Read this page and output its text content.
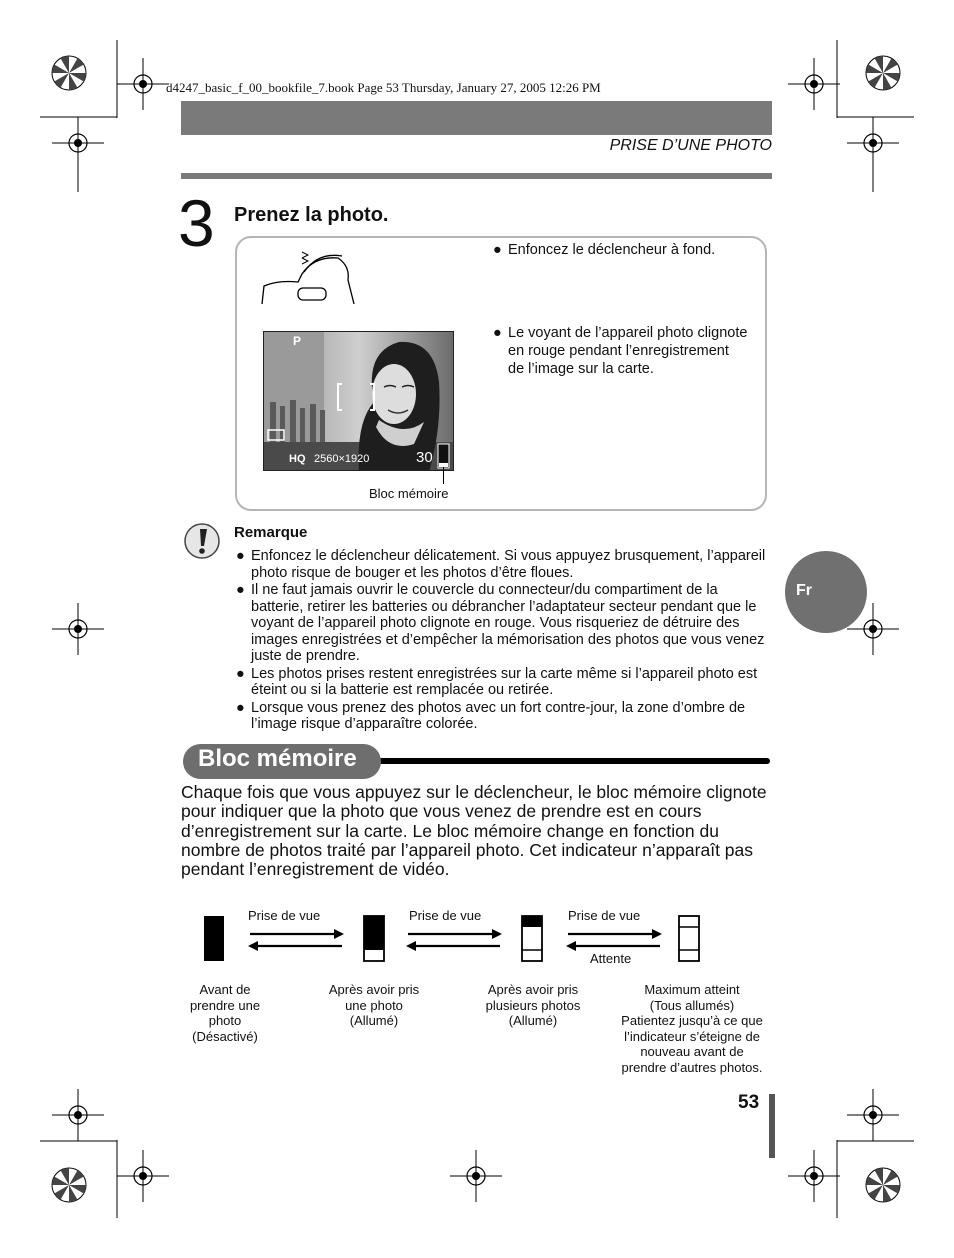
d4247_basic_f_00_bookfile_7.book Page 53 Thursday, January 27, 2005 12:26 PM
PRISE D’UNE PHOTO
3 Prenez la photo.
● Enfoncez le déclencheur à fond.
● Le voyant de l’appareil photo clignote en rouge pendant l’enregistrement de l’image sur la carte.
P
HQ 2560×1920	30
Bloc mémoire
Fr
Remarque
● Enfoncez le déclencheur délicatement. Si vous appuyez brusquement, l’appareil photo risque de bouger et les photos d’être floues.
● Il ne faut jamais ouvrir le couvercle du connecteur/du compartiment de la batterie, retirer les batteries ou débrancher l’adaptateur secteur pendant que le voyant de l’appareil photo clignote en rouge. Vous risqueriez de détruire des images enregistrées et d’empêcher la mémorisation des photos que vous venez juste de prendre.
● Les photos prises restent enregistrées sur la carte même si l’appareil photo est éteint ou si la batterie est remplacée ou retirée.
● Lorsque vous prenez des photos avec un fort contre-jour, la zone d’ombre de l’image risque d’apparaître colorée.
Bloc mémoire
Chaque fois que vous appuyez sur le déclencheur, le bloc mémoire clignote pour indiquer que la photo que vous venez de prendre est en cours d’enregistrement sur la carte. Le bloc mémoire change en fonction du nombre de photos traité par l’appareil photo. Cet indicateur n’apparaît pas pendant l’enregistrement de vidéo.
Prise de vue	Prise de vue	Prise de vue
Attente
Avant de
prendre une
photo
(Désactivé)
Après avoir pris
une photo
(Allumé)
Après avoir pris
plusieurs photos
(Allumé)
Maximum atteint
(Tous allumés)
Patientez jusqu’à ce que
l’indicateur s’éteigne de
nouveau avant de
prendre d’autres photos.
53
